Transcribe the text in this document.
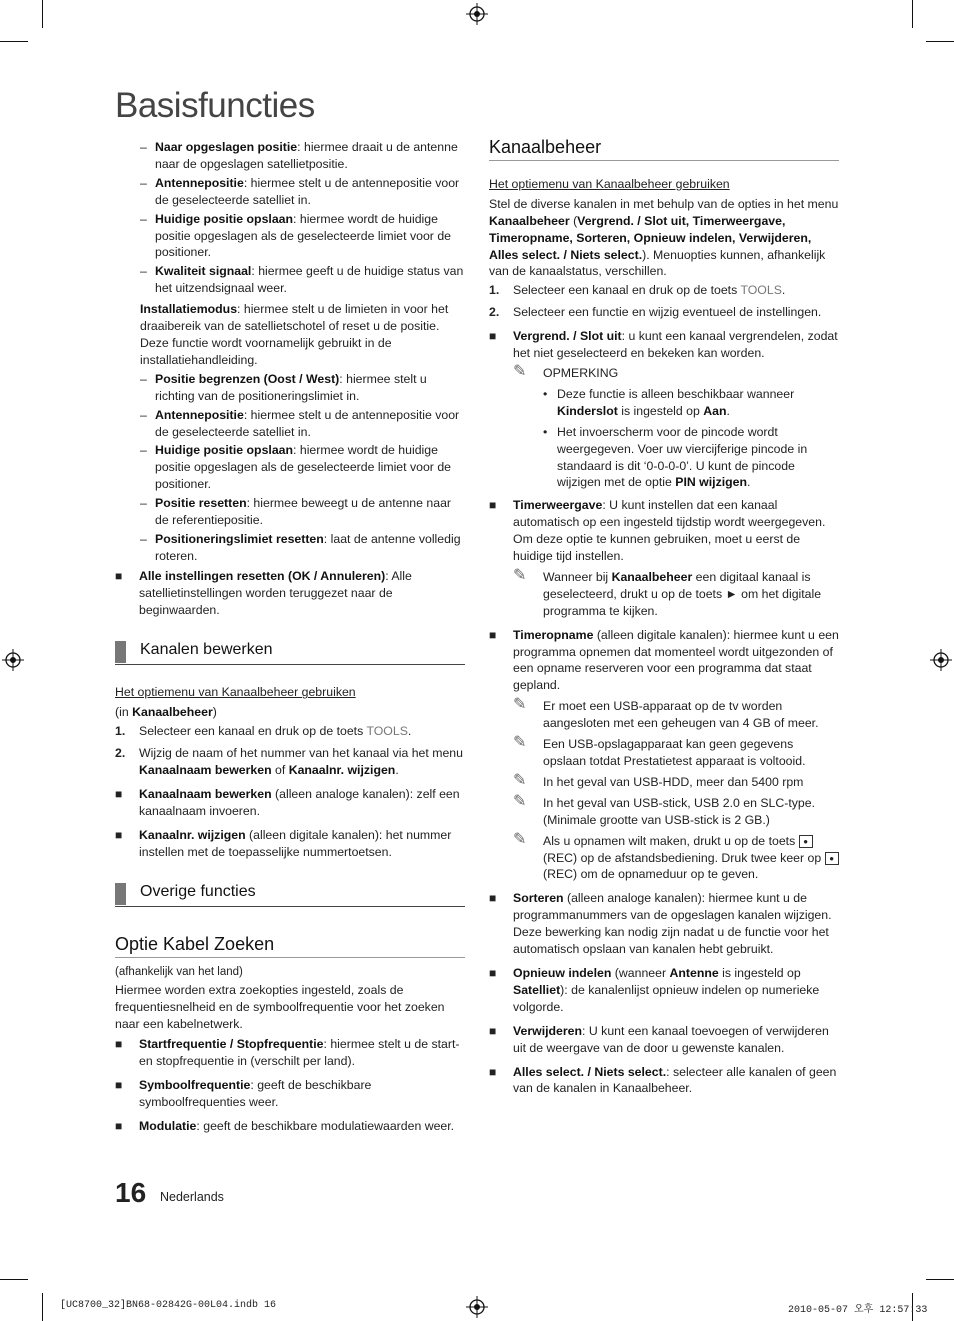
Basisfuncties

– Naar opgeslagen positie: hiermee draait u de antenne naar de opgeslagen satellietpositie.

– Antennepositie: hiermee stelt u de antennepositie voor de geselecteerde satelliet in.

– Huidige positie opslaan: hiermee wordt de huidige positie opgeslagen als de geselecteerde limiet voor de positioner.

– Kwaliteit signaal: hiermee geeft u de huidige status van het uitzendsignaal weer.

Installatiemodus: hiermee stelt u de limieten in voor het draaibereik van de satellietschotel of reset u de positie. Deze functie wordt voornamelijk gebruikt in de installatiehandleiding.

– Positie begrenzen (Oost / West): hiermee stelt u richting van de positioneringslimiet in.

– Antennepositie: hiermee stelt u de antennepositie voor de geselecteerde satelliet in.

– Huidige positie opslaan: hiermee wordt de huidige positie opgeslagen als de geselecteerde limiet voor de positioner.

– Positie resetten: hiermee beweegt u de antenne naar de referentiepositie.

– Positioneringslimiet resetten: laat de antenne volledig roteren.

■ Alle instellingen resetten (OK / Annuleren): Alle satellietinstellingen worden teruggezet naar de beginwaarden.

Kanalen bewerken

Het optiemenu van Kanaalbeheer gebruiken

(in Kanaalbeheer)

1. Selecteer een kanaal en druk op de toets TOOLS.

2. Wijzig de naam of het nummer van het kanaal via het menu Kanaalnaam bewerken of Kanaalnr. wijzigen.

■ Kanaalnaam bewerken (alleen analoge kanalen): zelf een kanaalnaam invoeren.

■ Kanaalnr. wijzigen (alleen digitale kanalen): het nummer instellen met de toepasselijke nummertoetsen.

Overige functies
Optie Kabel Zoeken

(afhankelijk van het land)

Hiermee worden extra zoekopties ingesteld, zoals de frequentiesnelheid en de symboolfrequentie voor het zoeken naar een kabelnetwerk.

■ Startfrequentie / Stopfrequentie: hiermee stelt u de start- en stopfrequentie in (verschilt per land).

■ Symboolfrequentie: geeft de beschikbare symboolfrequenties weer.

■ Modulatie: geeft de beschikbare modulatiewaarden weer.

Kanaalbeheer

Het optiemenu van Kanaalbeheer gebruiken

Stel de diverse kanalen in met behulp van de opties in het menu Kanaalbeheer (Vergrend. / Slot uit, Timerweergave, Timeropname, Sorteren, Opnieuw indelen, Verwijderen, Alles select. / Niets select.). Menuopties kunnen, afhankelijk van de kanaalstatus, verschillen.

1. Selecteer een kanaal en druk op de toets TOOLS.

2. Selecteer een functie en wijzig eventueel de instellingen.

■ Vergrend. / Slot uit: u kunt een kanaal vergrendelen, zodat het niet geselecteerd en bekeken kan worden.

✎ OPMERKING

• Deze functie is alleen beschikbaar wanneer Kinderslot is ingesteld op Aan.

• Het invoerscherm voor de pincode wordt weergegeven. Voer uw viercijferige pincode in standaard is dit ‘0-0-0-0’. U kunt de pincode wijzigen met de optie PIN wijzigen.

■ Timerweergave: U kunt instellen dat een kanaal automatisch op een ingesteld tijdstip wordt weergegeven. Om deze optie te kunnen gebruiken, moet u eerst de huidige tijd instellen.

✎ Wanneer bij Kanaalbeheer een digitaal kanaal is geselecteerd, drukt u op de toets ► om het digitale programma te kijken.

■ Timeropname (alleen digitale kanalen): hiermee kunt u een programma opnemen dat momenteel wordt uitgezonden of een opname reserveren voor een programma dat staat gepland.

✎ Er moet een USB-apparaat op de tv worden aangesloten met een geheugen van 4 GB of meer.

✎ Een USB-opslagapparaat kan geen gegevens opslaan totdat Prestatietest apparaat is voltooid.

✎ In het geval van USB-HDD, meer dan 5400 rpm

✎ In het geval van USB-stick, USB 2.0 en SLC-type. (Minimale grootte van USB-stick is 2 GB.)

✎ Als u opnamen wilt maken, drukt u op de toets ● (REC) op de afstandsbediening. Druk twee keer op ● (REC) om de opnameduur op te geven.

■ Sorteren (alleen analoge kanalen): hiermee kunt u de programmanummers van de opgeslagen kanalen wijzigen. Deze bewerking kan nodig zijn nadat u de functie voor het automatisch opslaan van kanalen hebt gebruikt.

■ Opnieuw indelen (wanneer Antenne is ingesteld op Satelliet): de kanalenlijst opnieuw indelen op numerieke volgorde.

■ Verwijderen: U kunt een kanaal toevoegen of verwijderen uit de weergave van de door u gewenste kanalen.

■ Alles select. / Niets select.: selecteer alle kanalen of geen van de kanalen in Kanaalbeheer.

16 Nederlands
[UC8700_32]BN68-02842G-00L04.indb 16	2010-05-07 오후 12:57:33
